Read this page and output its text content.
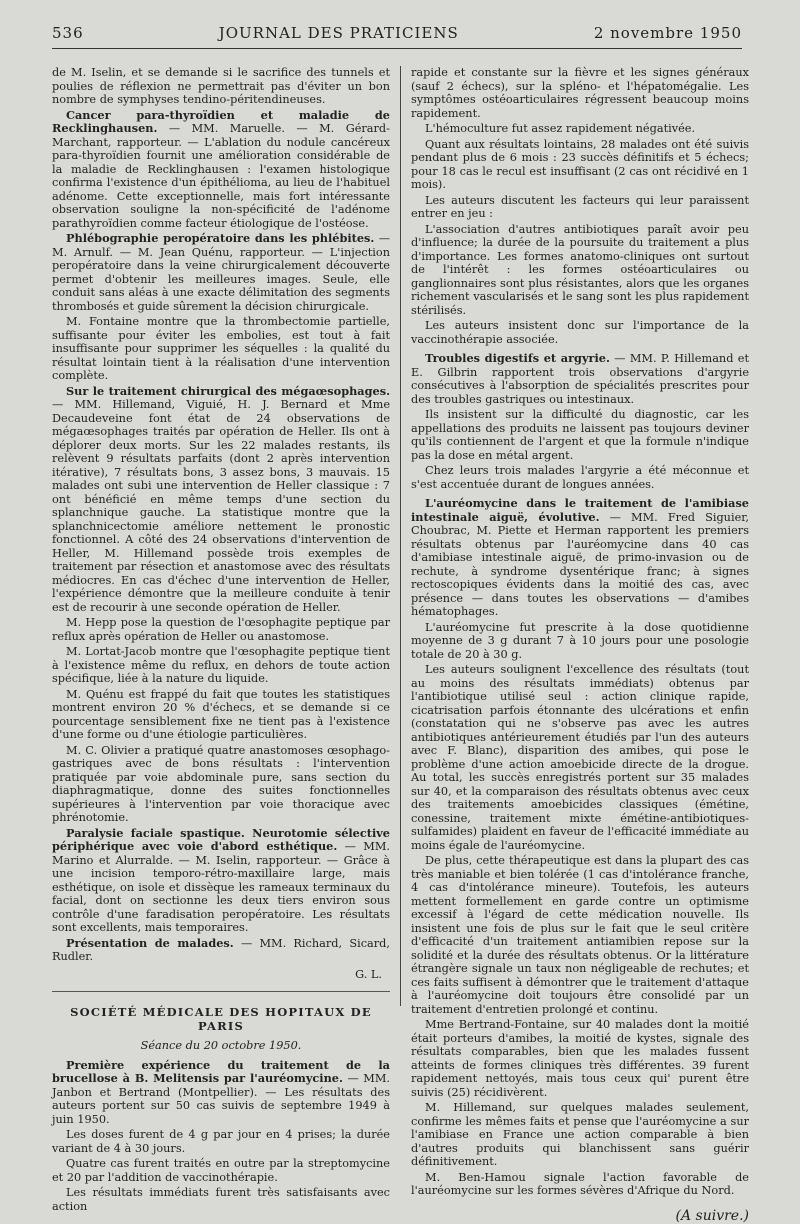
536	JOURNAL DES PRATICIENS	2 novembre 1950

de M. Iselin, et se demande si le sacrifice des tunnels et poulies de réflexion ne permettrait pas d'éviter un bon nombre de symphyses tendino-péritendineuses.

Cancer para-thyroïdien et maladie de Recklinghausen. — MM. Maruelle. — M. Gérard-Marchant, rapporteur. — L'ablation du nodule cancéreux para-thyroïdien fournit une amélioration considérable de la maladie de Recklinghausen : l'examen histologique confirma l'existence d'un épithélioma, au lieu de l'habituel adénome. Cette exceptionnelle, mais fort intéressante observation souligne la non-spécificité de l'adénome parathyroïdien comme facteur étiologique de l'ostéose.

Phlébographie peropératoire dans les phlébites. — M. Arnulf. — M. Jean Quénu, rapporteur. — L'injection peropératoire dans la veine chirurgicalement découverte permet d'obtenir les meilleures images. Seule, elle conduit sans aléas à une exacte délimitation des segments thrombosés et guide sûrement la décision chirurgicale.

M. Fontaine montre que la thrombectomie partielle, suffisante pour éviter les embolies, est tout à fait insuffisante pour supprimer les séquelles : la qualité du résultat lointain tient à la réalisation d'une intervention complète.

Sur le traitement chirurgical des mégaœsophages. — MM. Hillemand, Viguié, H. J. Bernard et Mme Decaudeveine font état de 24 observations de mégaœsophages traités par opération de Heller. Ils ont à déplorer deux morts. Sur les 22 malades restants, ils relèvent 9 résultats parfaits (dont 2 après intervention itérative), 7 résultats bons, 3 assez bons, 3 mauvais. 15 malades ont subi une intervention de Heller classique : 7 ont bénéficié en même temps d'une section du splanchnique gauche. La statistique montre que la splanchnicectomie améliore nettement le pronostic fonctionnel. A côté des 24 observations d'intervention de Heller, M. Hillemand possède trois exemples de traitement par résection et anastomose avec des résultats médiocres. En cas d'échec d'une intervention de Heller, l'expérience démontre que la meilleure conduite à tenir est de recourir à une seconde opération de Heller.

M. Hepp pose la question de l'œsophagite peptique par reflux après opération de Heller ou anastomose.

M. Lortat-Jacob montre que l'œsophagite peptique tient à l'existence même du reflux, en dehors de toute action spécifique, liée à la nature du liquide.

M. Quénu est frappé du fait que toutes les statistiques montrent environ 20 % d'échecs, et se demande si ce pourcentage sensiblement fixe ne tient pas à l'existence d'une forme ou d'une étiologie particulières.

M. C. Olivier a pratiqué quatre anastomoses œsophago-gastriques avec de bons résultats : l'intervention pratiquée par voie abdominale pure, sans section du diaphragmatique, donne des suites fonctionnelles supérieures à l'intervention par voie thoracique avec phrénotomie.

Paralysie faciale spastique. Neurotomie sélective périphérique avec voie d'abord esthétique. — MM. Marino et Alurralde. — M. Iselin, rapporteur. — Grâce à une incision temporo-rétro-maxillaire large, mais esthétique, on isole et dissèque les rameaux terminaux du facial, dont on sectionne les deux tiers environ sous contrôle d'une faradisation peropératoire. Les résultats sont excellents, mais temporaires.

Présentation de malades. — MM. Richard, Sicard, Rudler.

G. L.

SOCIÉTÉ MÉDICALE DES HOPITAUX DE PARIS
Séance du 20 octobre 1950.

Première expérience du traitement de la brucellose à B. Melitensis par l'auréomycine. — MM. Janbon et Bertrand (Montpellier). — Les résultats des auteurs portent sur 50 cas suivis de septembre 1949 à juin 1950.

Les doses furent de 4 g par jour en 4 prises; la durée variant de 4 à 30 jours.

Quatre cas furent traités en outre par la streptomycine et 20 par l'addition de vaccinothérapie.

Les résultats immédiats furent très satisfaisants avec action

rapide et constante sur la fièvre et les signes généraux (sauf 2 échecs), sur la spléno- et l'hépatomégalie. Les symptômes ostéoarticulaires régressent beaucoup moins rapidement.

L'hémoculture fut assez rapidement négativée.

Quant aux résultats lointains, 28 malades ont été suivis pendant plus de 6 mois : 23 succès définitifs et 5 échecs; pour 18 cas le recul est insuffisant (2 cas ont récidivé en 1 mois).

Les auteurs discutent les facteurs qui leur paraissent entrer en jeu :

L'association d'autres antibiotiques paraît avoir peu d'influence; la durée de la poursuite du traitement a plus d'importance. Les formes anatomo-cliniques ont surtout de l'intérêt : les formes ostéoarticulaires ou ganglionnaires sont plus résistantes, alors que les organes richement vascularisés et le sang sont les plus rapidement stérilisés.

Les auteurs insistent donc sur l'importance de la vaccinothérapie associée.

Troubles digestifs et argyrie. — MM. P. Hillemand et E. Gilbrin rapportent trois observations d'argyrie consécutives à l'absorption de spécialités prescrites pour des troubles gastriques ou intestinaux.

Ils insistent sur la difficulté du diagnostic, car les appellations des produits ne laissent pas toujours deviner qu'ils contiennent de l'argent et que la formule n'indique pas la dose en métal argent.

Chez leurs trois malades l'argyrie a été méconnue et s'est accentuée durant de longues années.

L'auréomycine dans le traitement de l'amibiase intestinale aiguë, évolutive. — MM. Fred Siguier, Choubrac, M. Piette et Herman rapportent les premiers résultats obtenus par l'auréomycine dans 40 cas d'amibiase intestinale aiguë, de primo-invasion ou de rechute, à syndrome dysentérique franc; à signes rectoscopiques évidents dans la moitié des cas, avec présence — dans toutes les observations — d'amibes hématophages.

L'auréomycine fut prescrite à la dose quotidienne moyenne de 3 g durant 7 à 10 jours pour une posologie totale de 20 à 30 g.

Les auteurs soulignent l'excellence des résultats (tout au moins des résultats immédiats) obtenus par l'antibiotique utilisé seul : action clinique rapide, cicatrisation parfois étonnante des ulcérations et enfin (constatation qui ne s'observe pas avec les autres antibiotiques antérieurement étudiés par l'un des auteurs avec F. Blanc), disparition des amibes, qui pose le problème d'une action amoebicide directe de la drogue. Au total, les succès enregistrés portent sur 35 malades sur 40, et la comparaison des résultats obtenus avec ceux des traitements amoebicides classiques (émétine, conessine, traitement mixte émétine-antibiotiques-sulfamides) plaident en faveur de l'efficacité immédiate au moins égale de l'auréomycine.

De plus, cette thérapeutique est dans la plupart des cas très maniable et bien tolérée (1 cas d'intolérance franche, 4 cas d'intolérance mineure). Toutefois, les auteurs mettent formellement en garde contre un optimisme excessif à l'égard de cette médication nouvelle. Ils insistent une fois de plus sur le fait que le seul critère d'efficacité d'un traitement antiamibien repose sur la solidité et la durée des résultats obtenus. Or la littérature étrangère signale un taux non négligeable de rechutes; et ces faits suffisent à démontrer que le traitement d'attaque à l'auréomycine doit toujours être consolidé par un traitement d'entretien prolongé et continu.

Mme Bertrand-Fontaine, sur 40 malades dont la moitié était porteurs d'amibes, la moitié de kystes, signale des résultats comparables, bien que les malades fussent atteints de formes cliniques très différentes. 39 furent rapidement nettoyés, mais tous ceux qui' purent être suivis (25) récidivèrent.

M. Hillemand, sur quelques malades seulement, confirme les mêmes faits et pense que l'auréomycine a sur l'amibiase en France une action comparable à bien d'autres produits qui blanchissent sans guérir définitivement.

M. Ben-Hamou signale l'action favorable de l'auréomycine sur les formes sévères d'Afrique du Nord.

(A suivre.)
